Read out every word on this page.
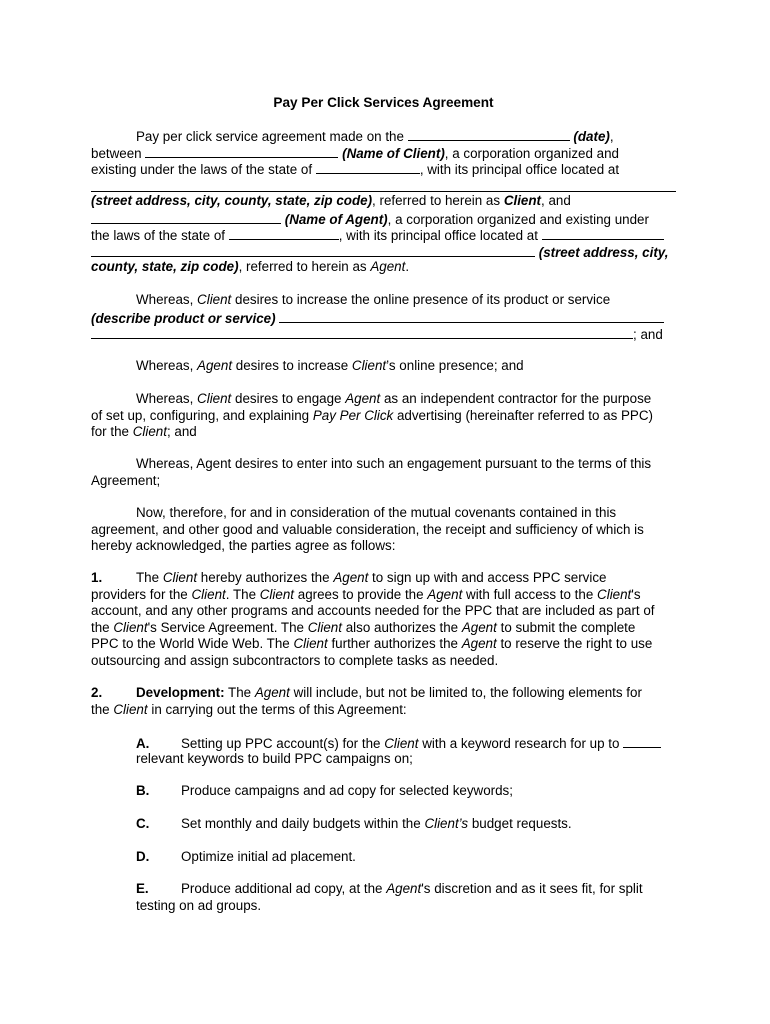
Pay Per Click Services Agreement
Pay per click service agreement made on the	(date),
between	(Name of Client), a corporation organized and
existing under the laws of the state of	, with its principal office located at
(street address, city, county, state, zip code), referred to herein as Client, and
(Name of Agent), a corporation organized and existing under
the laws of the state of	, with its principal office located at
(street address, city,
county, state, zip code), referred to herein as Agent.
Whereas, Client desires to increase the online presence of its product or service
(describe product or service)
; and
Whereas, Agent desires to increase Client’s online presence; and
Whereas, Client desires to engage Agent as an independent contractor for the purpose
of set up, configuring, and explaining Pay Per Click advertising (hereinafter referred to as PPC)
for the Client; and
Whereas, Agent desires to enter into such an engagement pursuant to the terms of this
Agreement;
Now, therefore, for and in consideration of the mutual covenants contained in this
agreement, and other good and valuable consideration, the receipt and sufficiency of which is
hereby acknowledged, the parties agree as follows:
1.	The Client hereby authorizes the Agent to sign up with and access PPC service
providers for the Client. The Client agrees to provide the Agent with full access to the Client's
account, and any other programs and accounts needed for the PPC that are included as part of
the Client's Service Agreement. The Client also authorizes the Agent to submit the complete
PPC to the World Wide Web. The Client further authorizes the Agent to reserve the right to use
outsourcing and assign subcontractors to complete tasks as needed.
2.	Development: The Agent will include, but not be limited to, the following elements for
the Client in carrying out the terms of this Agreement:
A. Setting up PPC account(s) for the Client with a keyword research for up to
relevant keywords to build PPC campaigns on;
B. Produce campaigns and ad copy for selected keywords;
C. Set monthly and daily budgets within the Client’s budget requests.
D. Optimize initial ad placement.
E. Produce additional ad copy, at the Agent's discretion and as it sees fit, for split
testing on ad groups.
